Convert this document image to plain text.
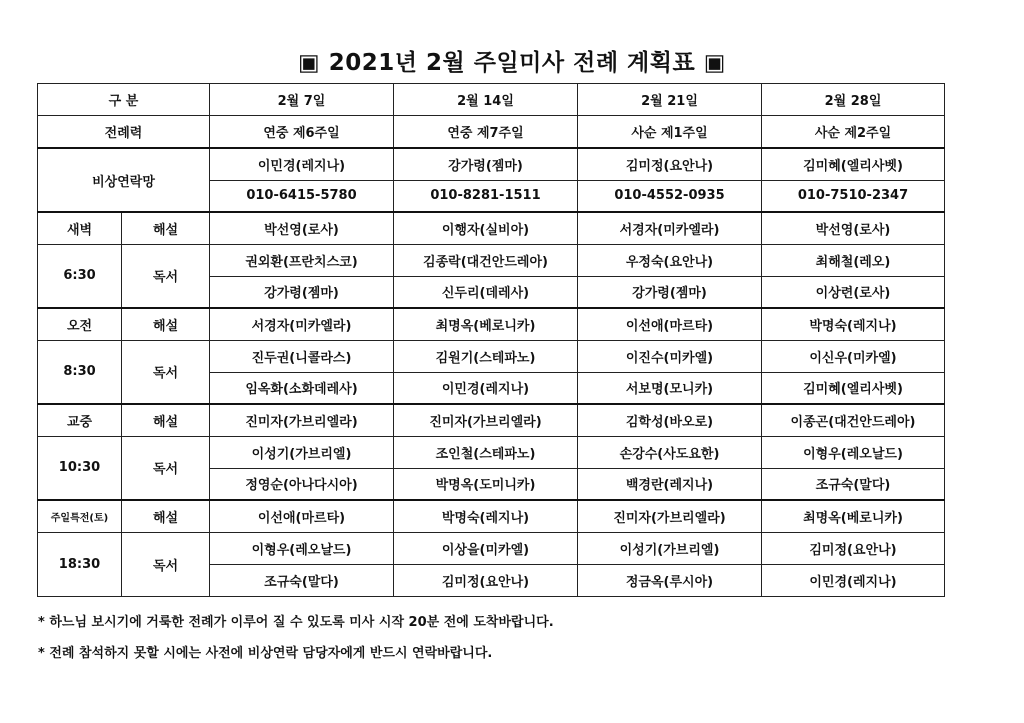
▣ 2021년 2월 주일미사 전례 계획표 ▣
구 분		2월 7일	2월 14일	2월 21일	2월 28일
전례력		연중 제6주일	연중 제7주일	사순 제1주일	사순 제2주일
비상연락망		이민경(레지나)	강가령(젬마)	김미정(요안나)	김미혜(엘리사벳)
		010-6415-5780	010-8281-1511	010-4552-0935	010-7510-2347
새벽	해설	박선영(로사)	이행자(실비아)	서경자(미카엘라)	박선영(로사)
6:30	독서	권외환(프란치스코)	김종락(대건안드레아)	우정숙(요안나)	최해철(레오)
		강가령(젬마)	신두리(데레사)	강가령(젬마)	이상련(로사)
오전	해설	서경자(미카엘라)	최명옥(베로니카)	이선애(마르타)	박명숙(레지나)
8:30	독서	진두권(니콜라스)	김원기(스테파노)	이진수(미카엘)	이신우(미카엘)
		임옥화(소화데레사)	이민경(레지나)	서보명(모니카)	김미혜(엘리사벳)
교중	해설	진미자(가브리엘라)	진미자(가브리엘라)	김학성(바오로)	이종곤(대건안드레아)
10:30	독서	이성기(가브리엘)	조인철(스테파노)	손강수(사도요한)	이형우(레오날드)
		정영순(아나다시아)	박명옥(도미니카)	백경란(레지나)	조규숙(말다)
주일특전(토)	해설	이선애(마르타)	박명숙(레지나)	진미자(가브리엘라)	최명옥(베로니카)
18:30	독서	이형우(레오날드)	이상을(미카엘)	이성기(가브리엘)	김미정(요안나)
		조규숙(말다)	김미정(요안나)	정금옥(루시아)	이민경(레지나)
* 하느님 보시기에 거룩한 전례가 이루어 질 수 있도록 미사 시작 20분 전에 도착바랍니다.
* 전례 참석하지 못할 시에는 사전에 비상연락 담당자에게 반드시 연락바랍니다.
